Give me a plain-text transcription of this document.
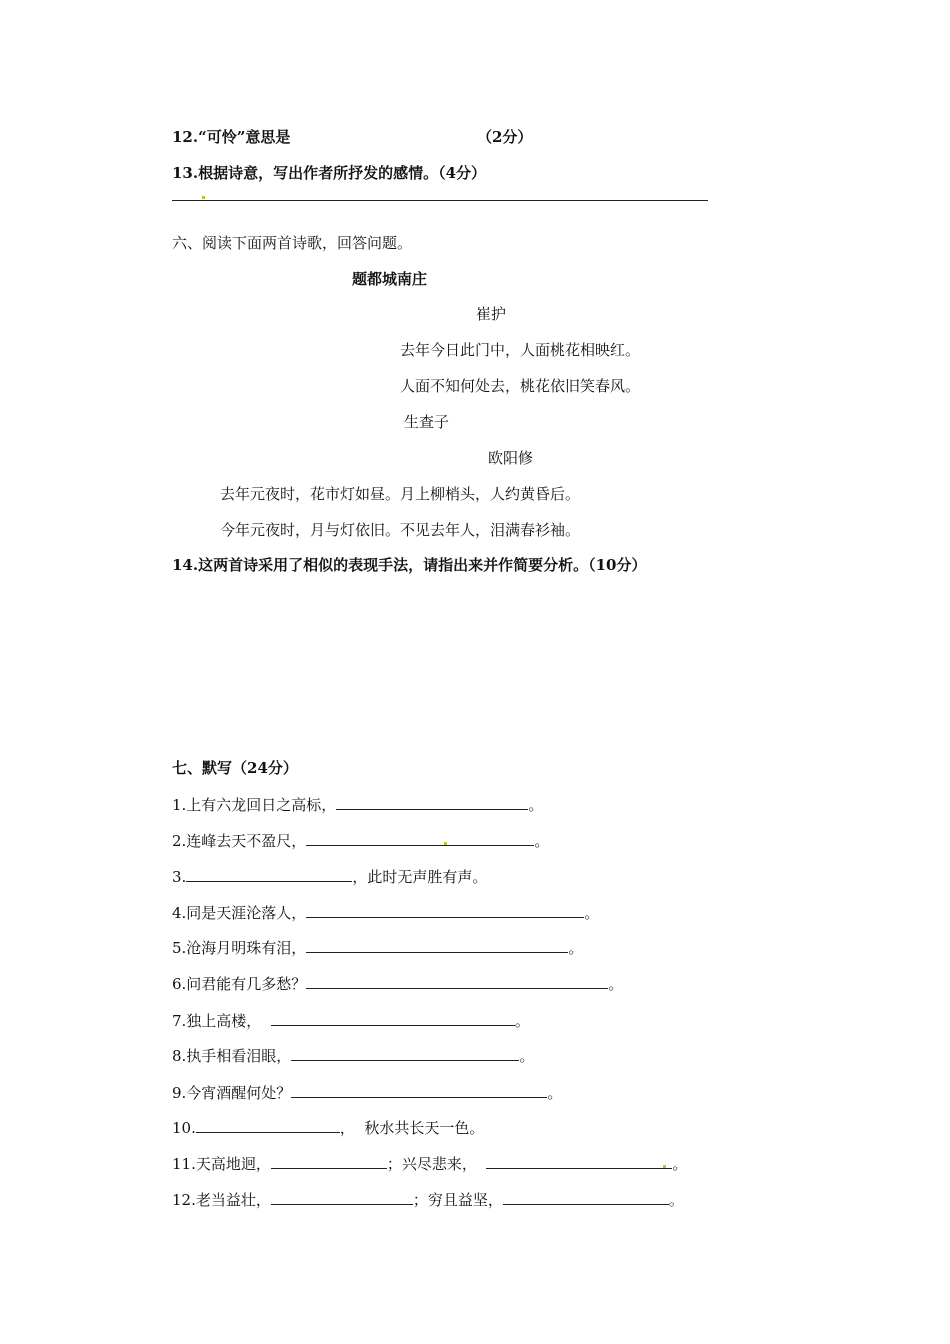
12.“可怜”意思是	（2分）
13.根据诗意，写出作者所抒发的感情。（4分）
六、阅读下面两首诗歌，回答问题。
题都城南庄
崔护
去年今日此门中，人面桃花相映红。
人面不知何处去，桃花依旧笑春风。
生查子
欧阳修
去年元夜时，花市灯如昼。月上柳梢头，人约黄昏后。
今年元夜时，月与灯依旧。不见去年人，泪满春衫袖。
14.这两首诗采用了相似的表现手法，请指出来并作简要分析。（10分）
七、默写（24分）
1.上有六龙回日之高标，	。
2.连峰去天不盈尺，	。
3.	，此时无声胜有声。
4.同是天涯沦落人，	。
5.沧海月明珠有泪，	。
6.问君能有几多愁？	。
7.独上高楼，	。
8.执手相看泪眼，	。
9.今宵酒醒何处？	。
10.	，  秋水共长天一色。
11.天高地迥，	；兴尽悲来，	。
12.老当益壮，	；穷且益坚，	。
